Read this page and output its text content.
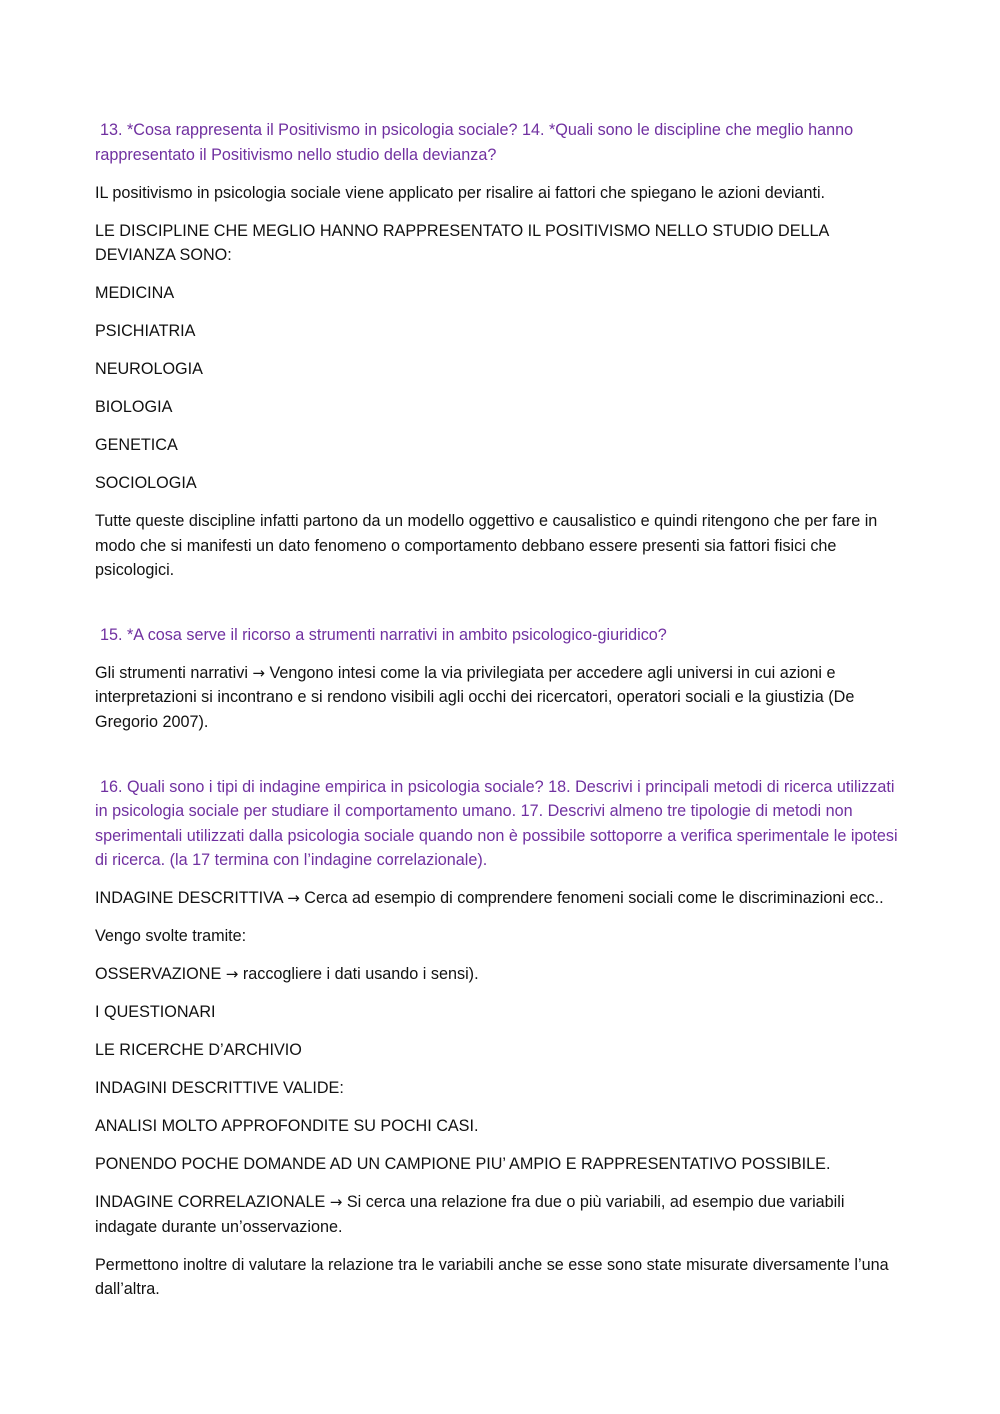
13. *Cosa rappresenta il Positivismo in psicologia sociale? 14. *Quali sono le discipline che meglio hanno rappresentato il Positivismo nello studio della devianza?

IL positivismo in psicologia sociale viene applicato per risalire ai fattori che spiegano le azioni devianti.

LE DISCIPLINE CHE MEGLIO HANNO RAPPRESENTATO IL POSITIVISMO NELLO STUDIO DELLA DEVIANZA SONO:

MEDICINA

PSICHIATRIA

NEUROLOGIA

BIOLOGIA

GENETICA

SOCIOLOGIA

Tutte queste discipline infatti partono da un modello oggettivo e causalistico e quindi ritengono che per fare in modo che si manifesti un dato fenomeno o comportamento debbano essere presenti sia fattori fisici che psicologici.

15. *A cosa serve il ricorso a strumenti narrativi in ambito psicologico-giuridico?

Gli strumenti narrativi → Vengono intesi come la via privilegiata per accedere agli universi in cui azioni e interpretazioni si incontrano e si rendono visibili agli occhi dei ricercatori, operatori sociali e la giustizia (De Gregorio 2007).

16. Quali sono i tipi di indagine empirica in psicologia sociale? 18. Descrivi i principali metodi di ricerca utilizzati in psicologia sociale per studiare il comportamento umano. 17. Descrivi almeno tre tipologie di metodi non sperimentali utilizzati dalla psicologia sociale quando non è possibile sottoporre a verifica sperimentale le ipotesi di ricerca. (la 17 termina con l’indagine correlazionale).

INDAGINE DESCRITTIVA → Cerca ad esempio di comprendere fenomeni sociali come le discriminazioni ecc..

Vengo svolte tramite:

OSSERVAZIONE → raccogliere i dati usando i sensi).

I QUESTIONARI

LE RICERCHE D’ARCHIVIO

INDAGINI DESCRITTIVE VALIDE:

ANALISI MOLTO APPROFONDITE SU POCHI CASI.

PONENDO POCHE DOMANDE AD UN CAMPIONE PIU’ AMPIO E RAPPRESENTATIVO POSSIBILE.

INDAGINE CORRELAZIONALE → Si cerca una relazione fra due o più variabili, ad esempio due variabili indagate durante un’osservazione.

Permettono inoltre di valutare la relazione tra le variabili anche se esse sono state misurate diversamente l’una dall’altra.
